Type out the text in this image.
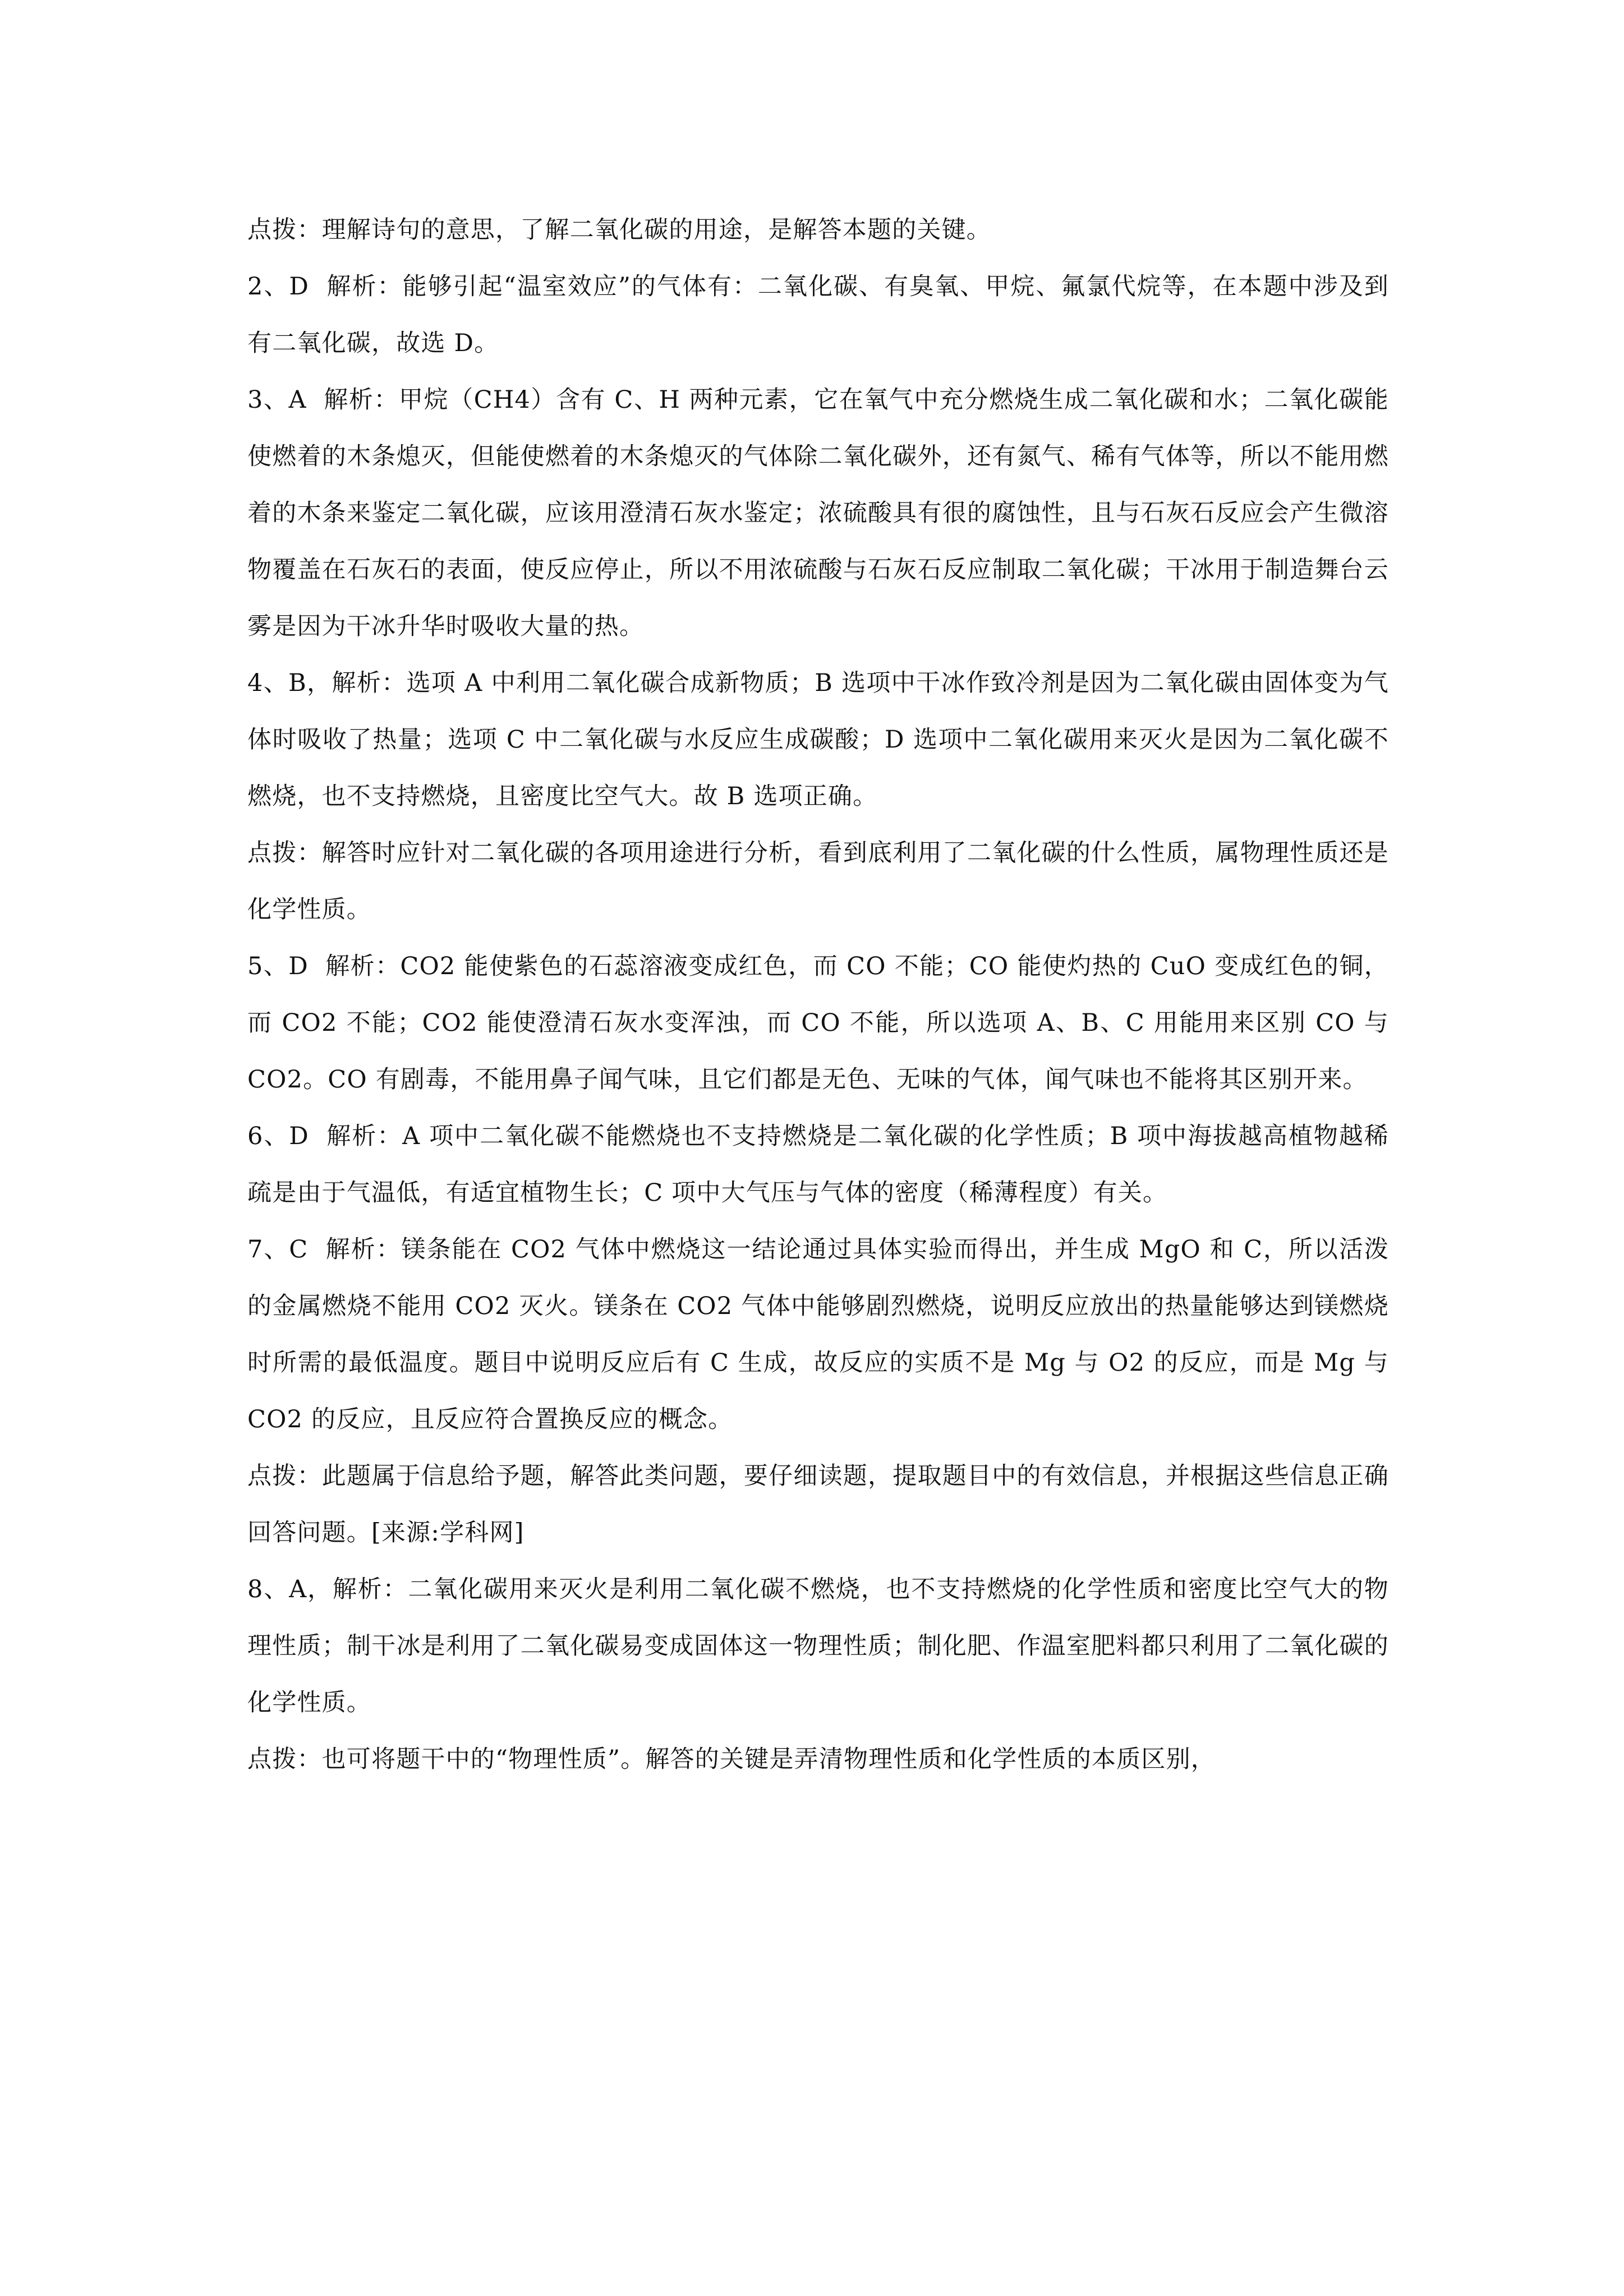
点拨：理解诗句的意思，了解二氧化碳的用途，是解答本题的关键。

2、D  解析：能够引起“温室效应”的气体有：二氧化碳、有臭氧、甲烷、氟氯代烷等，在本题中涉及到有二氧化碳，故选 D。

3、A  解析：甲烷（CH4）含有 C、H 两种元素，它在氧气中充分燃烧生成二氧化碳和水；二氧化碳能使燃着的木条熄灭，但能使燃着的木条熄灭的气体除二氧化碳外，还有氮气、稀有气体等，所以不能用燃着的木条来鉴定二氧化碳，应该用澄清石灰水鉴定；浓硫酸具有很的腐蚀性，且与石灰石反应会产生微溶物覆盖在石灰石的表面，使反应停止，所以不用浓硫酸与石灰石反应制取二氧化碳；干冰用于制造舞台云雾是因为干冰升华时吸收大量的热。

4、B，解析：选项 A 中利用二氧化碳合成新物质；B 选项中干冰作致冷剂是因为二氧化碳由固体变为气体时吸收了热量；选项 C 中二氧化碳与水反应生成碳酸；D 选项中二氧化碳用来灭火是因为二氧化碳不燃烧，也不支持燃烧，且密度比空气大。故 B 选项正确。

点拨：解答时应针对二氧化碳的各项用途进行分析，看到底利用了二氧化碳的什么性质，属物理性质还是化学性质。

5、D  解析：CO2 能使紫色的石蕊溶液变成红色，而 CO 不能；CO 能使灼热的 CuO 变成红色的铜，而 CO2 不能；CO2 能使澄清石灰水变浑浊，而 CO 不能，所以选项 A、B、C 用能用来区别 CO 与 CO2。CO 有剧毒，不能用鼻子闻气味，且它们都是无色、无味的气体，闻气味也不能将其区别开来。

6、D  解析：A 项中二氧化碳不能燃烧也不支持燃烧是二氧化碳的化学性质；B 项中海拔越高植物越稀疏是由于气温低，有适宜植物生长；C 项中大气压与气体的密度（稀薄程度）有关。

7、C  解析：镁条能在 CO2 气体中燃烧这一结论通过具体实验而得出，并生成 MgO 和 C，所以活泼的金属燃烧不能用 CO2 灭火。镁条在 CO2 气体中能够剧烈燃烧，说明反应放出的热量能够达到镁燃烧时所需的最低温度。题目中说明反应后有 C 生成，故反应的实质不是 Mg 与 O2 的反应，而是 Mg 与 CO2 的反应，且反应符合置换反应的概念。

点拨：此题属于信息给予题，解答此类问题，要仔细读题，提取题目中的有效信息，并根据这些信息正确回答问题。[来源:学科网]

8、A，解析：二氧化碳用来灭火是利用二氧化碳不燃烧，也不支持燃烧的化学性质和密度比空气大的物理性质；制干冰是利用了二氧化碳易变成固体这一物理性质；制化肥、作温室肥料都只利用了二氧化碳的化学性质。

点拨：也可将题干中的“物理性质”。解答的关键是弄清物理性质和化学性质的本质区别，
